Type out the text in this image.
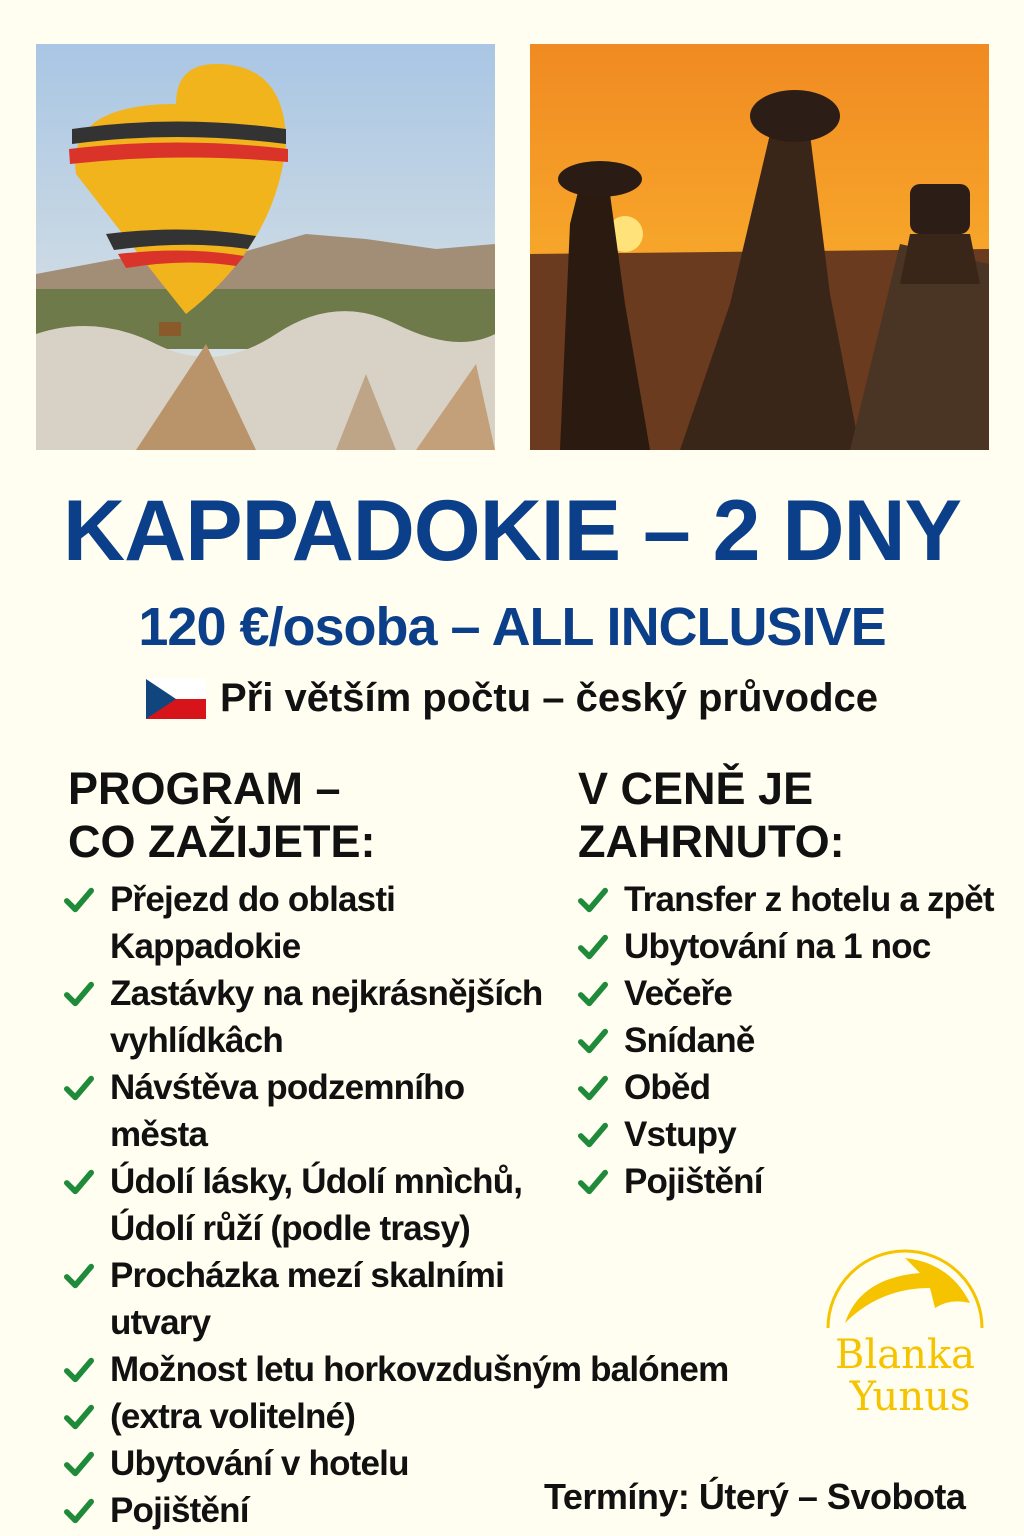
KAPPADOKIE – 2 DNY
120 €/osoba – ALL INCLUSIVE
Při větším počtu – český průvodce
PROGRAM –
CO ZAŽIJETE:
V CENĚ JE
ZAHRNUTO:
Přejezd do oblasti
Kappadokie
Zastávky na nejkrásnějších
vyhlídkâch
Návśtěva podzemního
města
Údolí lásky, Údolí mnìchů,
Údolí růží (podle trasy)
Procházka mezí skalními
utvary
Možnost letu horkovzdušným balónem
(extra volitelné)
Ubytování v hotelu
Pojištění
Transfer z hotelu a zpět
Ubytování na 1 noc
Večeře
Snídaně
Oběd
Vstupy
Pojištění
Blanka
Yunus
Termíny: Úterý – Svobota
